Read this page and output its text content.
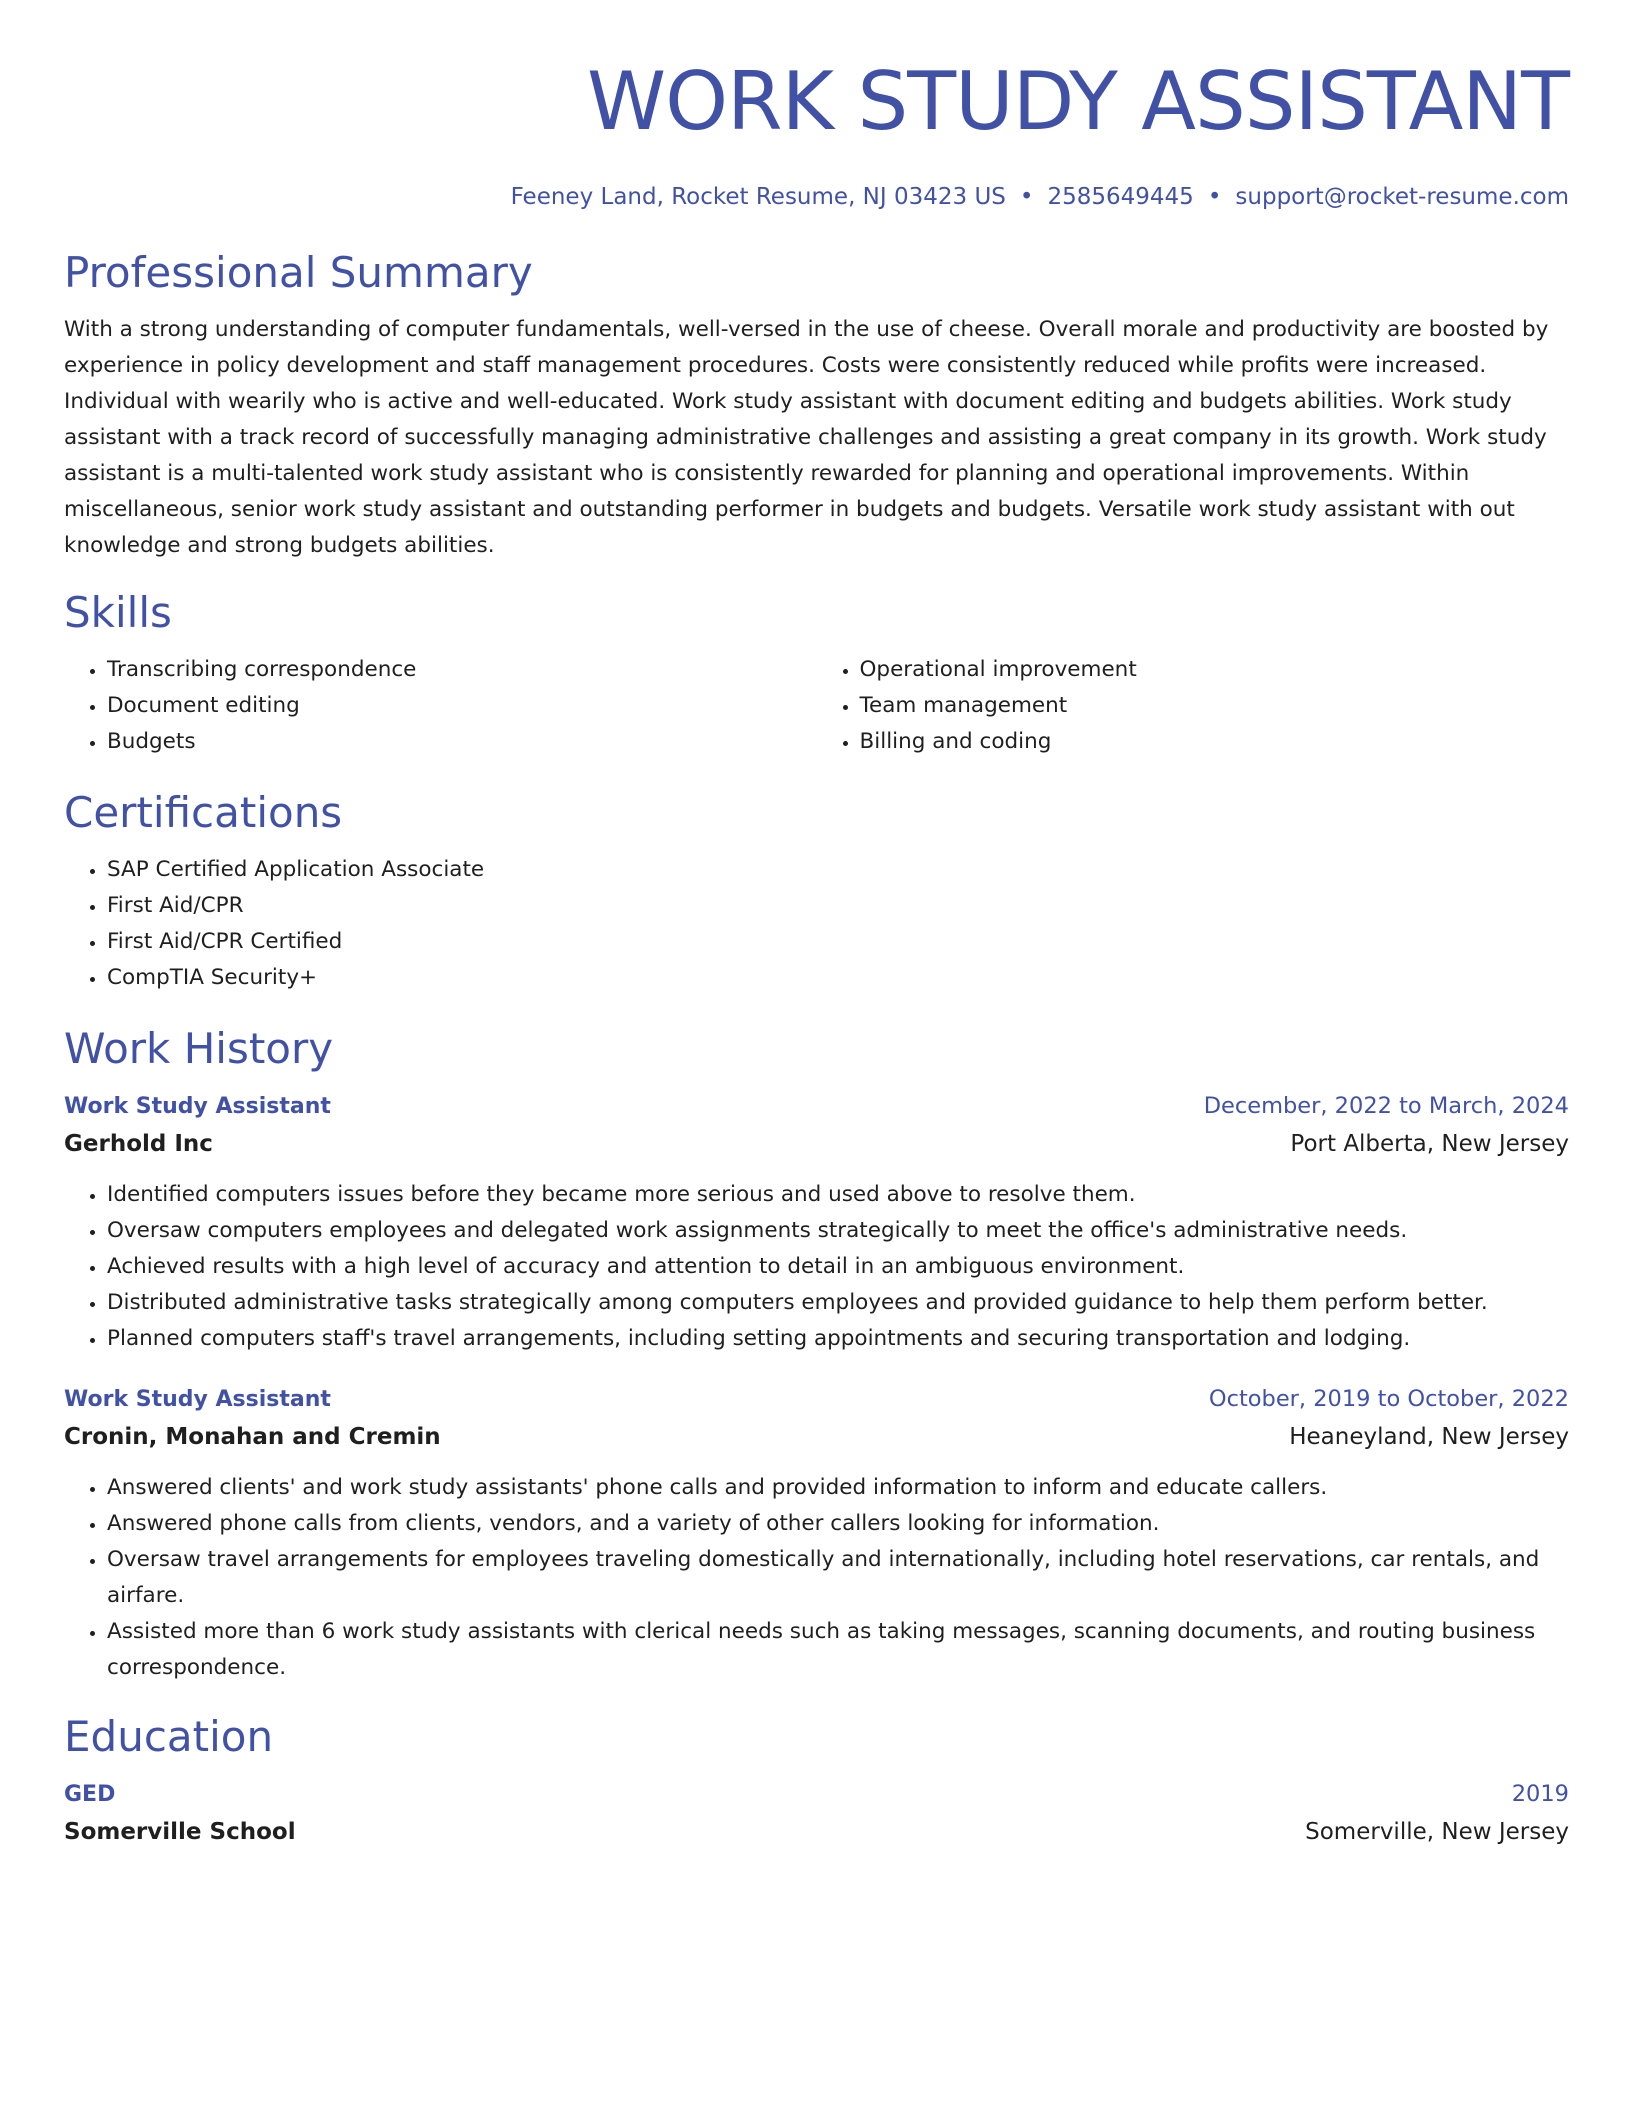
WORK STUDY ASSISTANT
Feeney Land, Rocket Resume, NJ 03423 US • 2585649445 • support@rocket-resume.com
Professional Summary

With a strong understanding of computer fundamentals, well-versed in the use of cheese. Overall morale and productivity are boosted by experience in policy development and staff management procedures. Costs were consistently reduced while profits were increased. Individual with wearily who is active and well-educated. Work study assistant with document editing and budgets abilities. Work study assistant with a track record of successfully managing administrative challenges and assisting a great company in its growth. Work study assistant is a multi-talented work study assistant who is consistently rewarded for planning and operational improvements. Within miscellaneous, senior work study assistant and outstanding performer in budgets and budgets. Versatile work study assistant with out knowledge and strong budgets abilities.

Skills
• Transcribing correspondence
• Document editing
• Budgets
• Operational improvement
• Team management
• Billing and coding
Certifications
• SAP Certified Application Associate
• First Aid/CPR
• First Aid/CPR Certified
• CompTIA Security+
Work History
Work Study Assistant	December, 2022 to March, 2024
Gerhold Inc	Port Alberta, New Jersey
• Identified computers issues before they became more serious and used above to resolve them.
• Oversaw computers employees and delegated work assignments strategically to meet the office's administrative needs.
• Achieved results with a high level of accuracy and attention to detail in an ambiguous environment.
• Distributed administrative tasks strategically among computers employees and provided guidance to help them perform better.
• Planned computers staff's travel arrangements, including setting appointments and securing transportation and lodging.
Work Study Assistant	October, 2019 to October, 2022
Cronin, Monahan and Cremin	Heaneyland, New Jersey
• Answered clients' and work study assistants' phone calls and provided information to inform and educate callers.
• Answered phone calls from clients, vendors, and a variety of other callers looking for information.
• Oversaw travel arrangements for employees traveling domestically and internationally, including hotel reservations, car rentals, and airfare.
• Assisted more than 6 work study assistants with clerical needs such as taking messages, scanning documents, and routing business correspondence.
Education
GED	2019
Somerville School	Somerville, New Jersey
